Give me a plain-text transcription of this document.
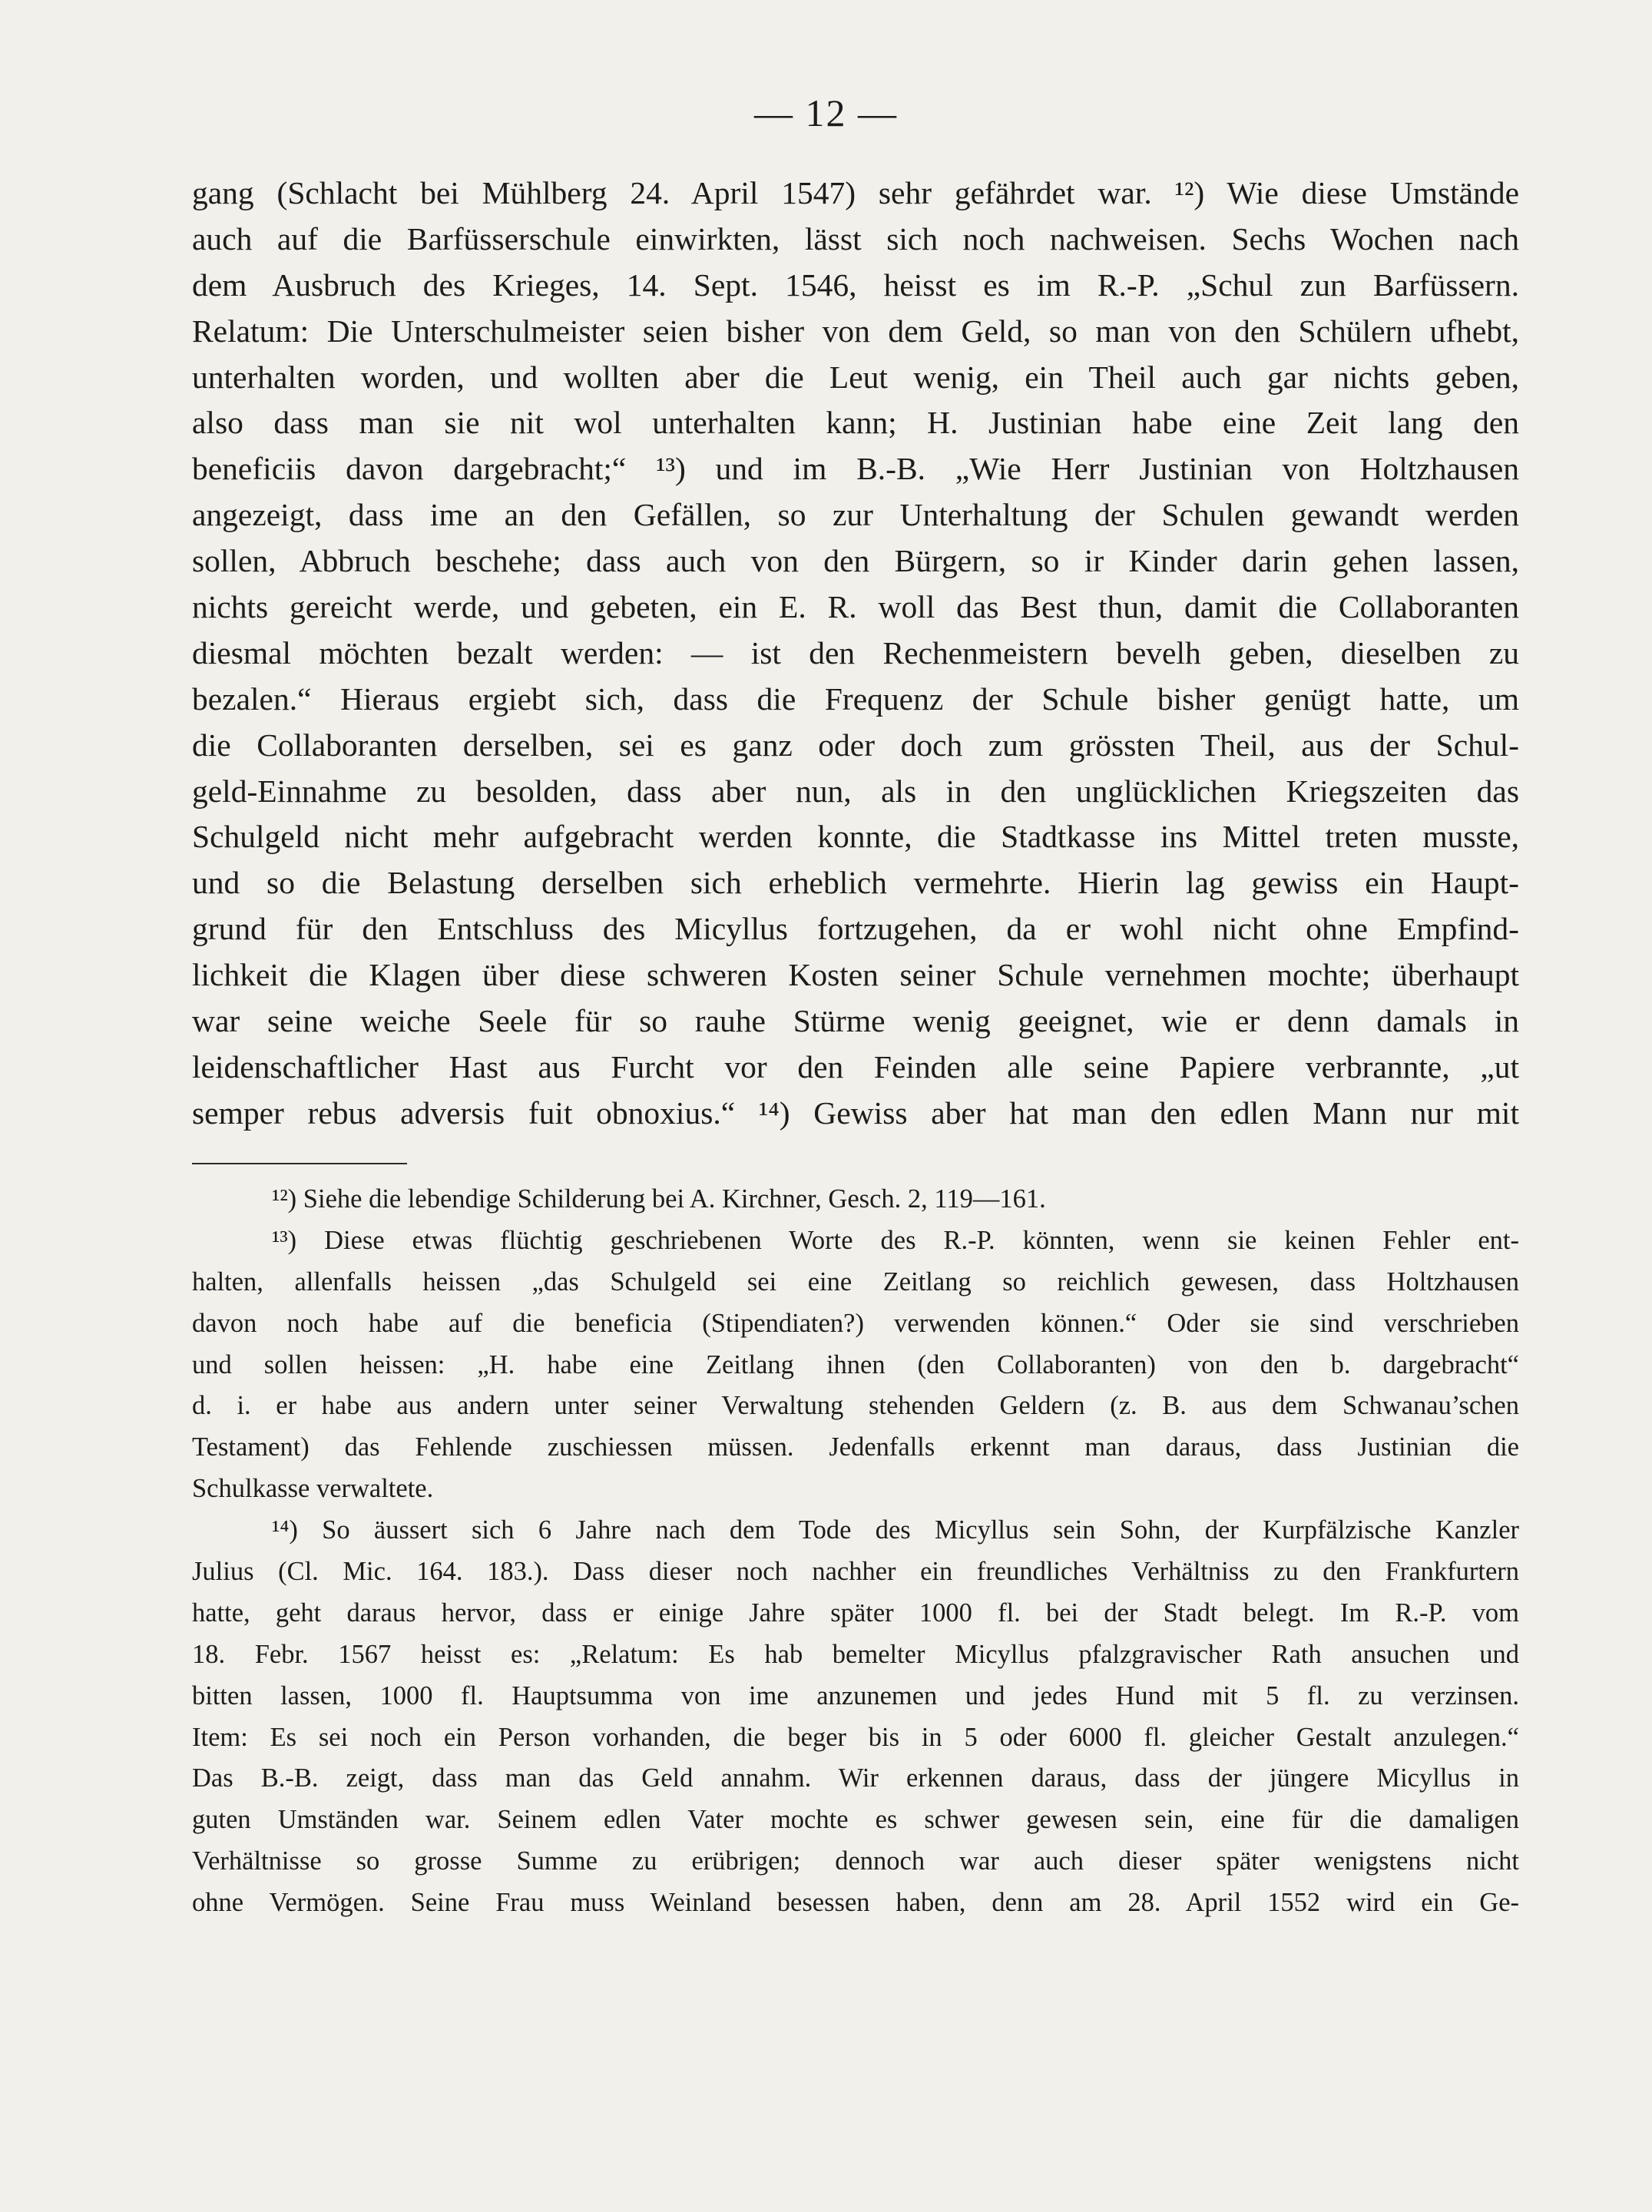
— 12 —
gang (Schlacht bei Mühlberg 24. April 1547) sehr gefährdet war. ¹²) Wie diese Umstände
auch auf die Barfüsserschule einwirkten, lässt sich noch nachweisen. Sechs Wochen nach
dem Ausbruch des Krieges, 14. Sept. 1546, heisst es im R.-P. „Schul zun Barfüssern.
Relatum: Die Unterschulmeister seien bisher von dem Geld, so man von den Schülern ufhebt,
unterhalten worden, und wollten aber die Leut wenig, ein Theil auch gar nichts geben,
also dass man sie nit wol unterhalten kann; H. Justinian habe eine Zeit lang den
beneficiis davon dargebracht;“ ¹³) und im B.-B. „Wie Herr Justinian von Holtzhausen
angezeigt, dass ime an den Gefällen, so zur Unterhaltung der Schulen gewandt werden
sollen, Abbruch beschehe; dass auch von den Bürgern, so ir Kinder darin gehen lassen,
nichts gereicht werde, und gebeten, ein E. R. woll das Best thun, damit die Collaboranten
diesmal möchten bezalt werden: — ist den Rechenmeistern bevelh geben, dieselben zu
bezalen.“ Hieraus ergiebt sich, dass die Frequenz der Schule bisher genügt hatte, um
die Collaboranten derselben, sei es ganz oder doch zum grössten Theil, aus der Schul-
geld-Einnahme zu besolden, dass aber nun, als in den unglücklichen Kriegszeiten das
Schulgeld nicht mehr aufgebracht werden konnte, die Stadtkasse ins Mittel treten musste,
und so die Belastung derselben sich erheblich vermehrte. Hierin lag gewiss ein Haupt-
grund für den Entschluss des Micyllus fortzugehen, da er wohl nicht ohne Empfind-
lichkeit die Klagen über diese schweren Kosten seiner Schule vernehmen mochte; überhaupt
war seine weiche Seele für so rauhe Stürme wenig geeignet, wie er denn damals in
leidenschaftlicher Hast aus Furcht vor den Feinden alle seine Papiere verbrannte, „ut
semper rebus adversis fuit obnoxius.“ ¹⁴) Gewiss aber hat man den edlen Mann nur mit
¹²) Siehe die lebendige Schilderung bei A. Kirchner, Gesch. 2, 119—161.
¹³) Diese etwas flüchtig geschriebenen Worte des R.-P. könnten, wenn sie keinen Fehler ent-
halten, allenfalls heissen „das Schulgeld sei eine Zeitlang so reichlich gewesen, dass Holtzhausen
davon noch habe auf die beneficia (Stipendiaten?) verwenden können.“ Oder sie sind verschrieben
und sollen heissen: „H. habe eine Zeitlang ihnen (den Collaboranten) von den b. dargebracht“
d. i. er habe aus andern unter seiner Verwaltung stehenden Geldern (z. B. aus dem Schwanau’schen
Testament) das Fehlende zuschiessen müssen. Jedenfalls erkennt man daraus, dass Justinian die
Schulkasse verwaltete.
¹⁴) So äussert sich 6 Jahre nach dem Tode des Micyllus sein Sohn, der Kurpfälzische Kanzler
Julius (Cl. Mic. 164. 183.). Dass dieser noch nachher ein freundliches Verhältniss zu den Frankfurtern
hatte, geht daraus hervor, dass er einige Jahre später 1000 fl. bei der Stadt belegt. Im R.-P. vom
18. Febr. 1567 heisst es: „Relatum: Es hab bemelter Micyllus pfalzgravischer Rath ansuchen und
bitten lassen, 1000 fl. Hauptsumma von ime anzunemen und jedes Hund mit 5 fl. zu verzinsen.
Item: Es sei noch ein Person vorhanden, die beger bis in 5 oder 6000 fl. gleicher Gestalt anzulegen.“
Das B.-B. zeigt, dass man das Geld annahm. Wir erkennen daraus, dass der jüngere Micyllus in
guten Umständen war. Seinem edlen Vater mochte es schwer gewesen sein, eine für die damaligen
Verhältnisse so grosse Summe zu erübrigen; dennoch war auch dieser später wenigstens nicht
ohne Vermögen. Seine Frau muss Weinland besessen haben, denn am 28. April 1552 wird ein Ge-
